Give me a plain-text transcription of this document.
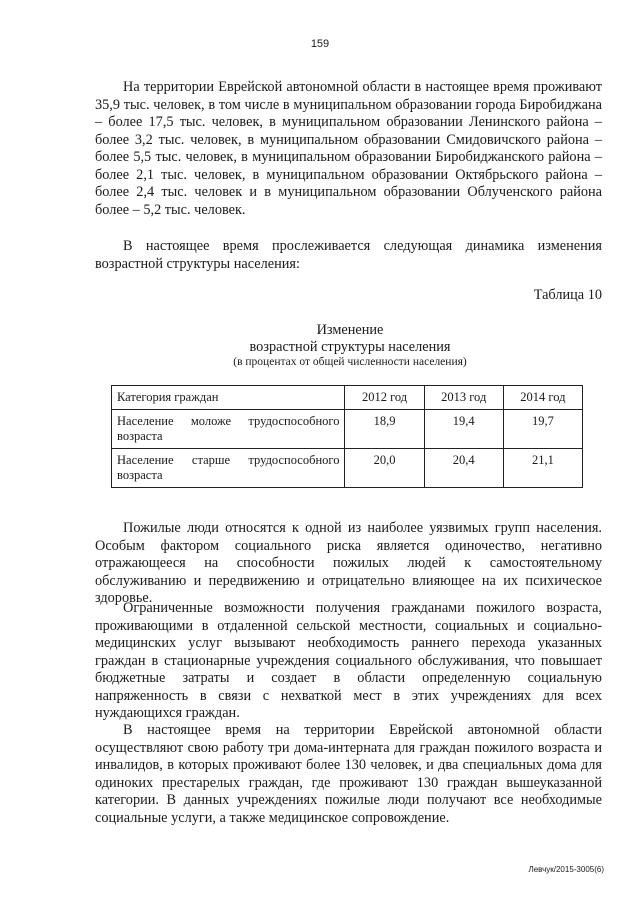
159

На территории Еврейской автономной области в настоящее время проживают 35,9 тыс. человек, в том числе в муниципальном образовании города Биробиджана – более 17,5 тыс. человек, в муниципальном образовании Ленинского района – более 3,2 тыс. человек, в муниципальном образовании Смидовичского района – более 5,5 тыс. человек, в муниципальном образовании Биробиджанского района – более 2,1 тыс. человек, в муниципальном образовании Октябрьского района – более 2,4 тыс. человек и в муниципальном образовании Облученского района более – 5,2 тыс. человек.

В настоящее время прослеживается следующая динамика изменения возрастной структуры населения:

Таблица 10
Изменение
возрастной структуры населения
(в процентах от общей численности населения)
Категория граждан	2012 год	2013 год	2014 год
Население моложе трудоспособного возраста	18,9	19,4	19,7
Население старше трудоспособного возраста	20,0	20,4	21,1

Пожилые люди относятся к одной из наиболее уязвимых групп населения. Особым фактором социального риска является одиночество, негативно отражающееся на способности пожилых людей к самостоятельному обслуживанию и передвижению и отрицательно влияющее на их психическое здоровье.

Ограниченные возможности получения гражданами пожилого возраста, проживающими в отдаленной сельской местности, социальных и социально-медицинских услуг вызывают необходимость раннего перехода указанных граждан в стационарные учреждения социального обслуживания, что повышает бюджетные затраты и создает в области определенную социальную напряженность в связи с нехваткой мест в этих учреждениях для всех нуждающихся граждан.

В настоящее время на территории Еврейской автономной области осуществляют свою работу три дома-интерната для граждан пожилого возраста и инвалидов, в которых проживают более 130 человек, и два специальных дома для одиноких престарелых граждан, где проживают 130 граждан вышеуказанной категории. В данных учреждениях пожилые люди получают все необходимые социальные услуги, а также медицинское сопровождение.

Левчук/2015-3005(6)
